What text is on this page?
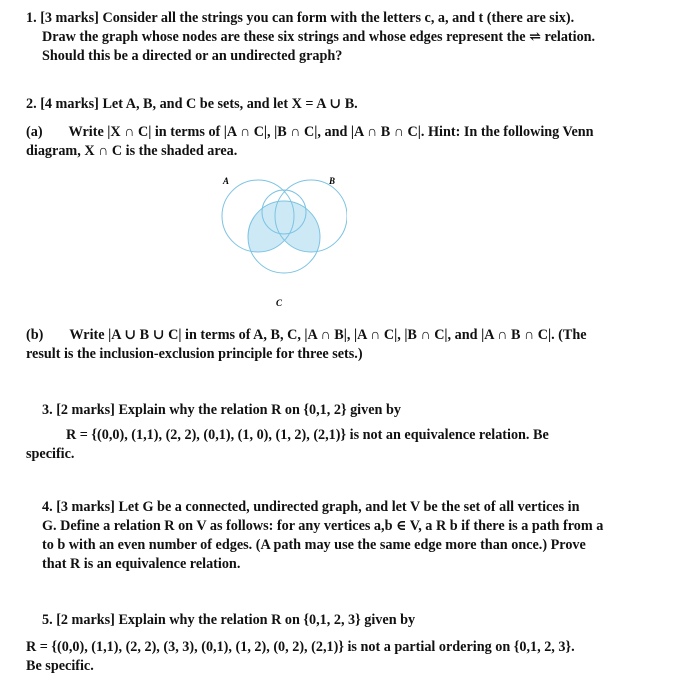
1. [3 marks] Consider all the strings you can form with the letters c, a, and t (there are six).
Draw the graph whose nodes are these six strings and whose edges represent the ⇌ relation.
Should this be a directed or an undirected graph?
2. [4 marks] Let A, B, and C be sets, and let X = A ∪ B.
(a) Write |X ∩ C| in terms of |A ∩ C|, |B ∩ C|, and |A ∩ B ∩ C|. Hint: In the following Venn
diagram, X ∩ C is the shaded area.
A	B
C
(b) Write |A ∪ B ∪ C| in terms of A, B, C, |A ∩ B|, |A ∩ C|, |B ∩ C|, and |A ∩ B ∩ C|. (The
result is the inclusion-exclusion principle for three sets.)
3. [2 marks] Explain why the relation R on {0,1, 2} given by
R = {(0,0), (1,1), (2, 2), (0,1), (1, 0), (1, 2), (2,1)} is not an equivalence relation. Be
specific.
4. [3 marks] Let G be a connected, undirected graph, and let V be the set of all vertices in
G. Define a relation R on V as follows: for any vertices a,b ∈ V, a R b if there is a path from a
to b with an even number of edges. (A path may use the same edge more than once.) Prove
that R is an equivalence relation.
5. [2 marks] Explain why the relation R on {0,1, 2, 3} given by
R = {(0,0), (1,1), (2, 2), (3, 3), (0,1), (1, 2), (0, 2), (2,1)} is not a partial ordering on {0,1, 2, 3}.
Be specific.
